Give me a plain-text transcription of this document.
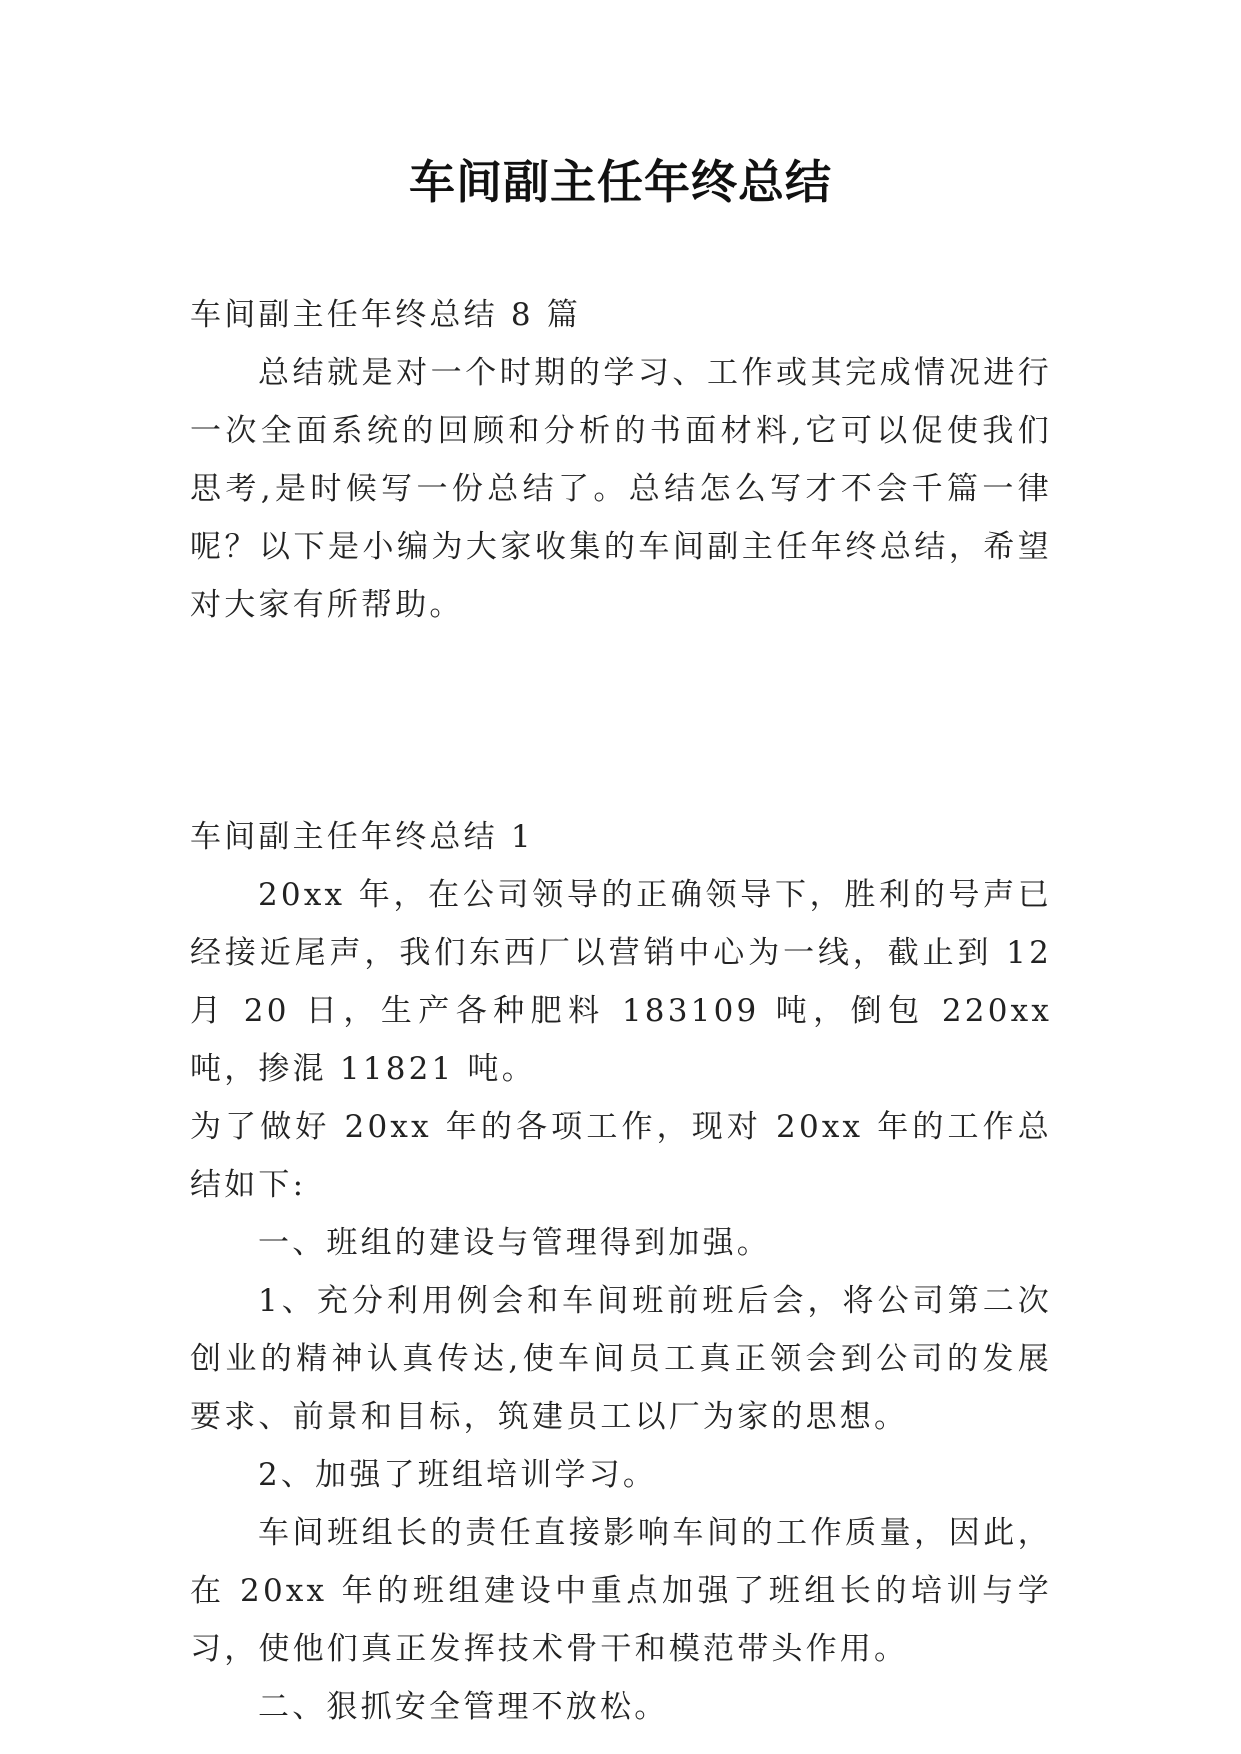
车间副主任年终总结

车间副主任年终总结 8 篇

总结就是对一个时期的学习、工作或其完成情况进行一次全面系统的回顾和分析的书面材料,它可以促使我们思考,是时候写一份总结了。总结怎么写才不会千篇一律呢？以下是小编为大家收集的车间副主任年终总结，希望对大家有所帮助。

车间副主任年终总结 1

20xx 年，在公司领导的正确领导下，胜利的号声已经接近尾声，我们东西厂以营销中心为一线，截止到 12 月 20 日，生产各种肥料 183109 吨，倒包 220xx 吨，掺混 11821 吨。

为了做好 20xx 年的各项工作，现对 20xx 年的工作总结如下:

一、班组的建设与管理得到加强。

1、充分利用例会和车间班前班后会，将公司第二次创业的精神认真传达,使车间员工真正领会到公司的发展要求、前景和目标，筑建员工以厂为家的思想。

2、加强了班组培训学习。

车间班组长的责任直接影响车间的工作质量，因此，在 20xx 年的班组建设中重点加强了班组长的培训与学习，使他们真正发挥技术骨干和模范带头作用。

二、狠抓安全管理不放松。
